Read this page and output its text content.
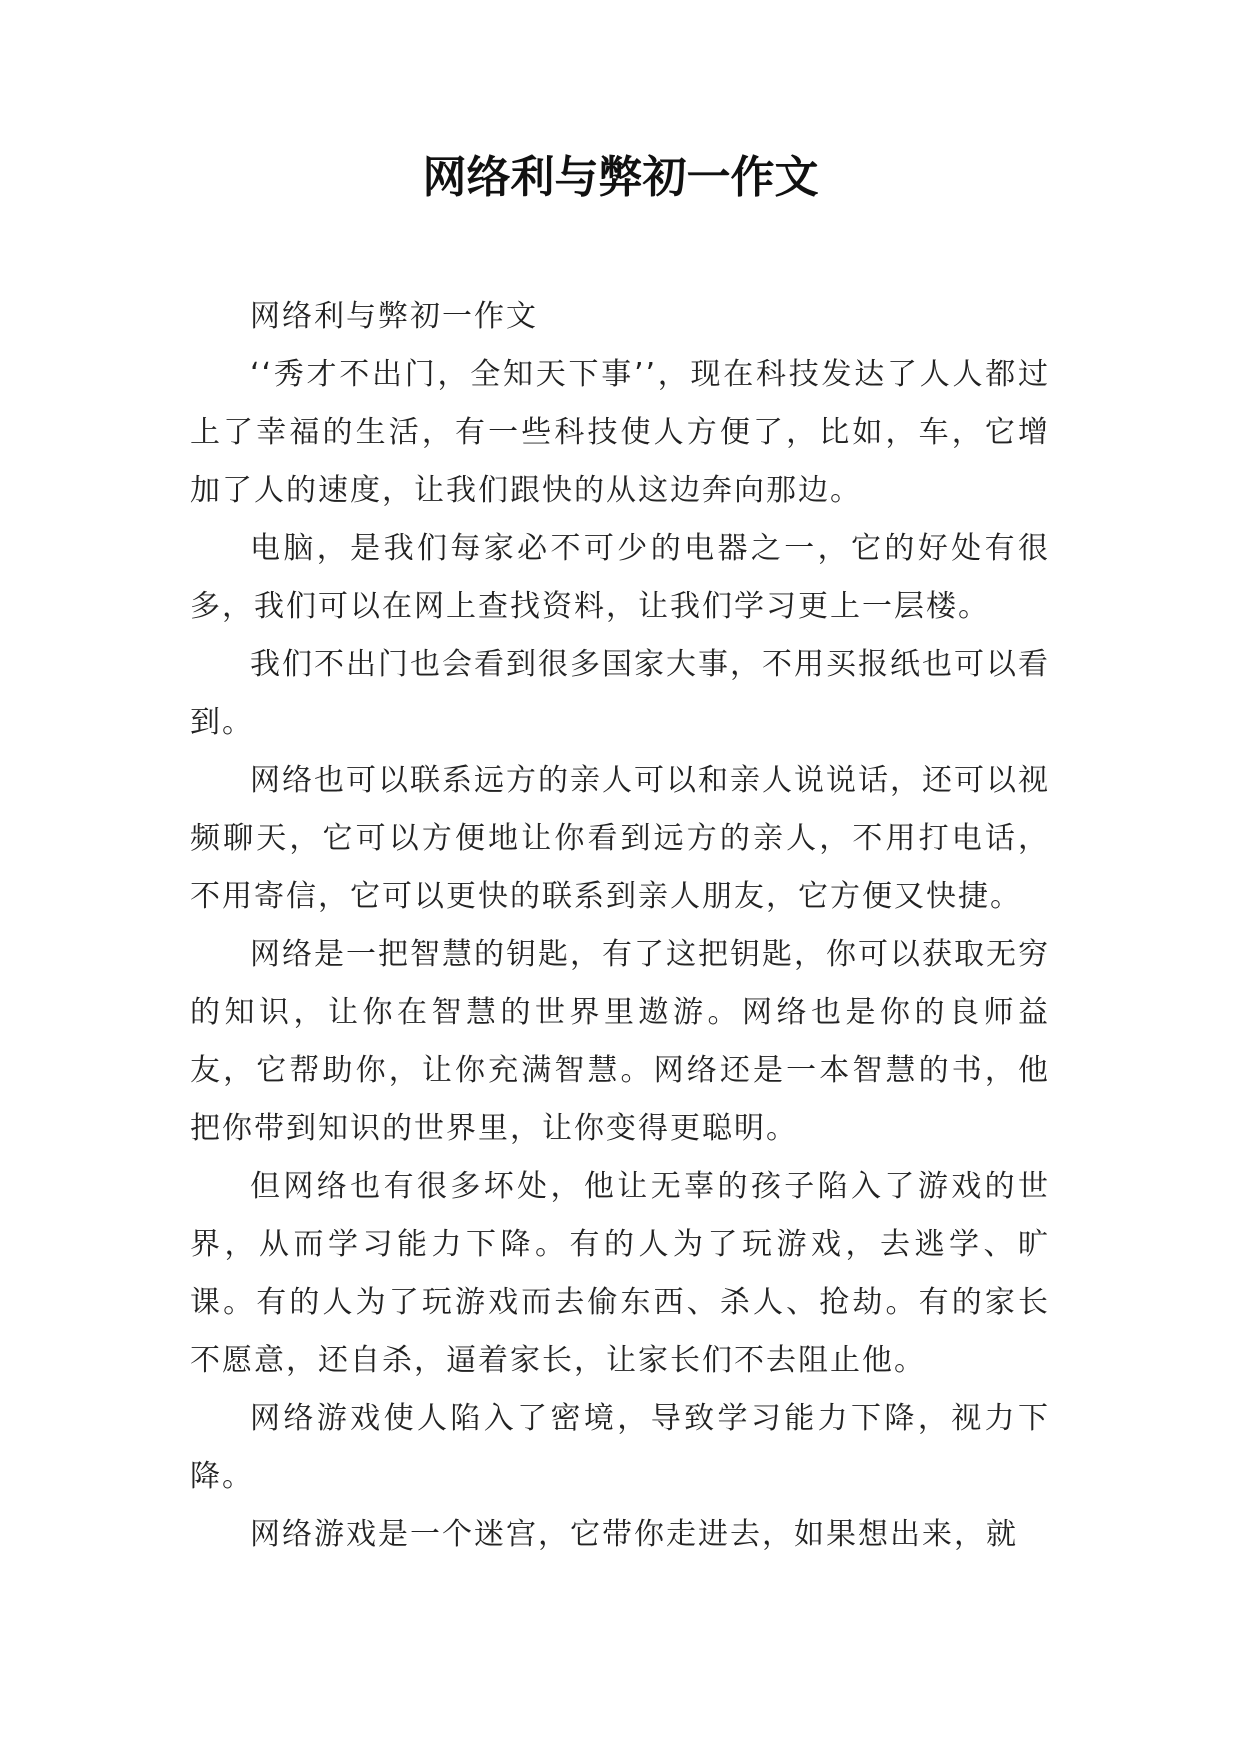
网络利与弊初一作文

网络利与弊初一作文

‘‘秀才不出门，全知天下事’’，现在科技发达了人人都过上了幸福的生活，有一些科技使人方便了，比如，车，它增加了人的速度，让我们跟快的从这边奔向那边。

电脑，是我们每家必不可少的电器之一，它的好处有很多，我们可以在网上查找资料，让我们学习更上一层楼。

我们不出门也会看到很多国家大事，不用买报纸也可以看到。

网络也可以联系远方的亲人可以和亲人说说话，还可以视频聊天，它可以方便地让你看到远方的亲人，不用打电话，不用寄信，它可以更快的联系到亲人朋友，它方便又快捷。

网络是一把智慧的钥匙，有了这把钥匙，你可以获取无穷的知识，让你在智慧的世界里遨游。网络也是你的良师益友，它帮助你，让你充满智慧。网络还是一本智慧的书，他把你带到知识的世界里，让你变得更聪明。

但网络也有很多坏处，他让无辜的孩子陷入了游戏的世界，从而学习能力下降。有的人为了玩游戏，去逃学、旷课。有的人为了玩游戏而去偷东西、杀人、抢劫。有的家长不愿意，还自杀，逼着家长，让家长们不去阻止他。

网络游戏使人陷入了密境，导致学习能力下降，视力下降。

网络游戏是一个迷宫，它带你走进去，如果想出来，就
